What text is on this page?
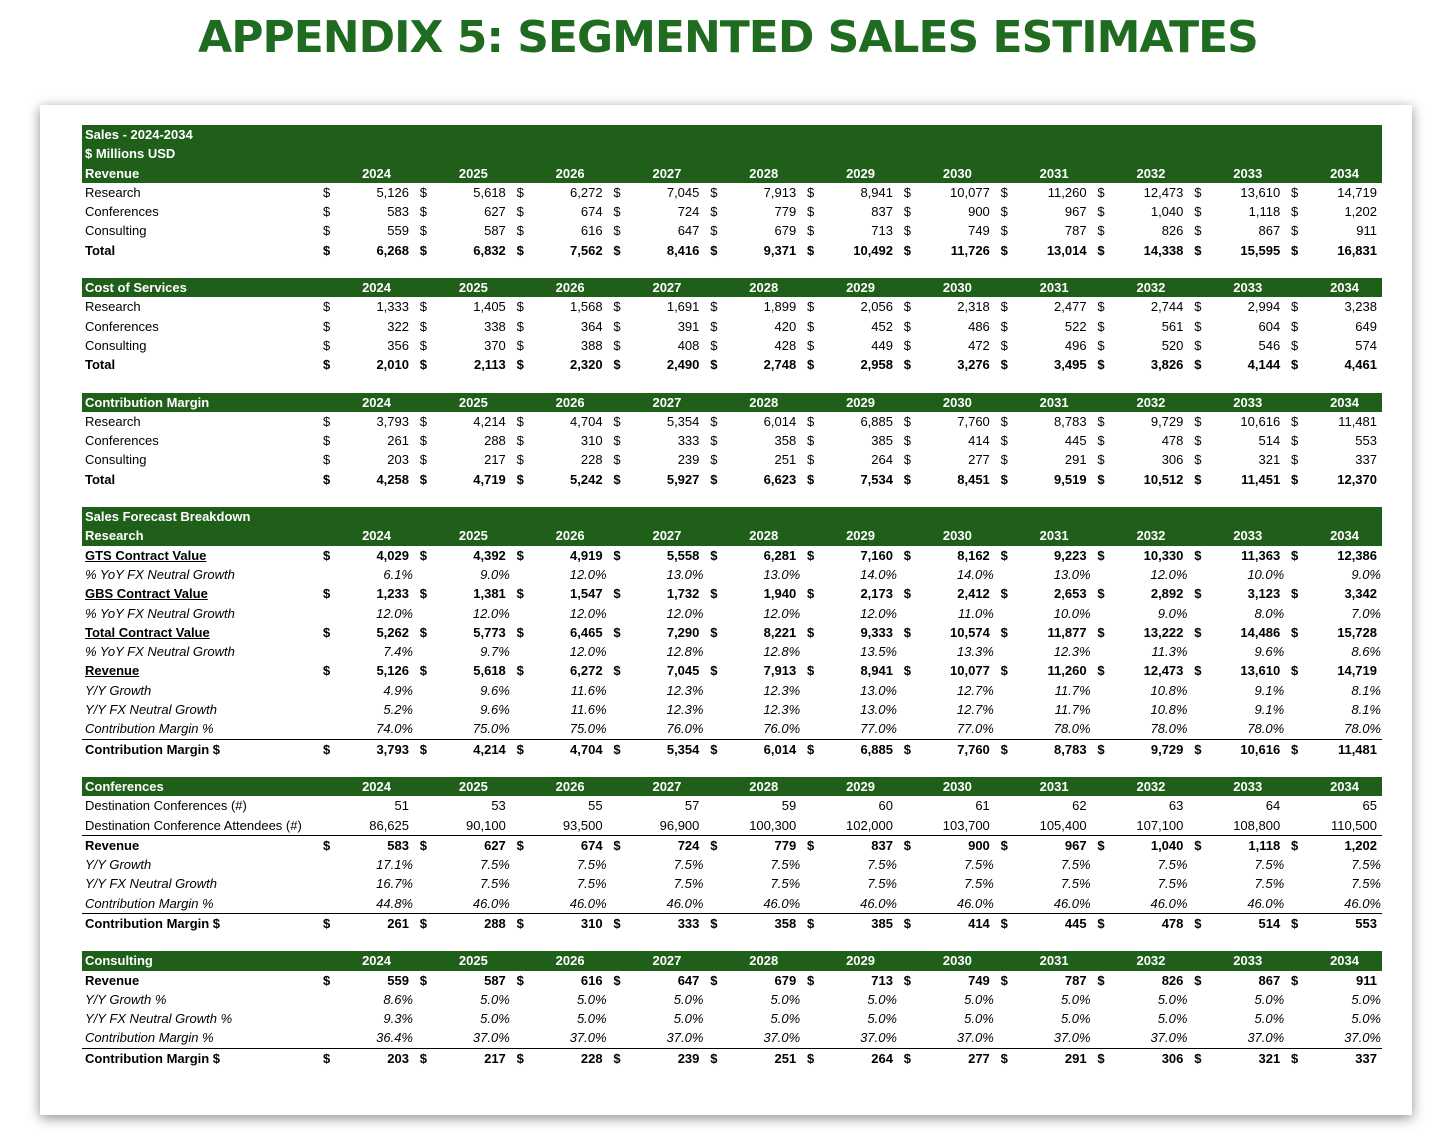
APPENDIX 5: SEGMENTED SALES ESTIMATES
Sales - 2024-2034
$ Millions USD
Revenue	2024	2025	2026	2027	2028	2029	2030	2031	2032	2033	2034
Research	$	5,126 $	5,618 $	6,272 $	7,045 $	7,913 $	8,941 $	10,077 $	11,260 $	12,473 $	13,610 $	14,719
Conferences	$	583 $	627 $	674 $	724 $	779 $	837 $	900 $	967 $	1,040 $	1,118 $	1,202
Consulting	$	559 $	587 $	616 $	647 $	679 $	713 $	749 $	787 $	826 $	867 $	911
Total	$	6,268 $	6,832 $	7,562 $	8,416 $	9,371 $	10,492 $	11,726 $	13,014 $	14,338 $	15,595 $	16,831
Cost of Services	2024	2025	2026	2027	2028	2029	2030	2031	2032	2033	2034
Research	$	1,333 $	1,405 $	1,568 $	1,691 $	1,899 $	2,056 $	2,318 $	2,477 $	2,744 $	2,994 $	3,238
Conferences	$	322 $	338 $	364 $	391 $	420 $	452 $	486 $	522 $	561 $	604 $	649
Consulting	$	356 $	370 $	388 $	408 $	428 $	449 $	472 $	496 $	520 $	546 $	574
Total	$	2,010 $	2,113 $	2,320 $	2,490 $	2,748 $	2,958 $	3,276 $	3,495 $	3,826 $	4,144 $	4,461
Contribution Margin	2024	2025	2026	2027	2028	2029	2030	2031	2032	2033	2034
Research	$	3,793 $	4,214 $	4,704 $	5,354 $	6,014 $	6,885 $	7,760 $	8,783 $	9,729 $	10,616 $	11,481
Conferences	$	261 $	288 $	310 $	333 $	358 $	385 $	414 $	445 $	478 $	514 $	553
Consulting	$	203 $	217 $	228 $	239 $	251 $	264 $	277 $	291 $	306 $	321 $	337
Total	$	4,258 $	4,719 $	5,242 $	5,927 $	6,623 $	7,534 $	8,451 $	9,519 $	10,512 $	11,451 $	12,370
Sales Forecast Breakdown
Research	2024	2025	2026	2027	2028	2029	2030	2031	2032	2033	2034
GTS Contract Value	$	4,029 $	4,392 $	4,919 $	5,558 $	6,281 $	7,160 $	8,162 $	9,223 $	10,330 $	11,363 $	12,386
% YoY FX Neutral Growth	6.1%	9.0%	12.0%	13.0%	13.0%	14.0%	14.0%	13.0%	12.0%	10.0%	9.0%
GBS Contract Value	$	1,233 $	1,381 $	1,547 $	1,732 $	1,940 $	2,173 $	2,412 $	2,653 $	2,892 $	3,123 $	3,342
% YoY FX Neutral Growth	12.0%	12.0%	12.0%	12.0%	12.0%	12.0%	11.0%	10.0%	9.0%	8.0%	7.0%
Total Contract Value	$	5,262 $	5,773 $	6,465 $	7,290 $	8,221 $	9,333 $	10,574 $	11,877 $	13,222 $	14,486 $	15,728
% YoY FX Neutral Growth	7.4%	9.7%	12.0%	12.8%	12.8%	13.5%	13.3%	12.3%	11.3%	9.6%	8.6%
Revenue	$	5,126 $	5,618 $	6,272 $	7,045 $	7,913 $	8,941 $	10,077 $	11,260 $	12,473 $	13,610 $	14,719
Y/Y Growth	4.9%	9.6%	11.6%	12.3%	12.3%	13.0%	12.7%	11.7%	10.8%	9.1%	8.1%
Y/Y FX Neutral Growth	5.2%	9.6%	11.6%	12.3%	12.3%	13.0%	12.7%	11.7%	10.8%	9.1%	8.1%
Contribution Margin %	74.0%	75.0%	75.0%	76.0%	76.0%	77.0%	77.0%	78.0%	78.0%	78.0%	78.0%
Contribution Margin $	$	3,793 $	4,214 $	4,704 $	5,354 $	6,014 $	6,885 $	7,760 $	8,783 $	9,729 $	10,616 $	11,481
Conferences	2024	2025	2026	2027	2028	2029	2030	2031	2032	2033	2034
Destination Conferences (#)	51	53	55	57	59	60	61	62	63	64	65
Destination Conference Attendees (#)	86,625	90,100	93,500	96,900	100,300	102,000	103,700	105,400	107,100	108,800	110,500
Revenue	$	583 $	627 $	674 $	724 $	779 $	837 $	900 $	967 $	1,040 $	1,118 $	1,202
Y/Y Growth	17.1%	7.5%	7.5%	7.5%	7.5%	7.5%	7.5%	7.5%	7.5%	7.5%	7.5%
Y/Y FX Neutral Growth	16.7%	7.5%	7.5%	7.5%	7.5%	7.5%	7.5%	7.5%	7.5%	7.5%	7.5%
Contribution Margin %	44.8%	46.0%	46.0%	46.0%	46.0%	46.0%	46.0%	46.0%	46.0%	46.0%	46.0%
Contribution Margin $	$	261 $	288 $	310 $	333 $	358 $	385 $	414 $	445 $	478 $	514 $	553
Consulting	2024	2025	2026	2027	2028	2029	2030	2031	2032	2033	2034
Revenue	$	559 $	587 $	616 $	647 $	679 $	713 $	749 $	787 $	826 $	867 $	911
Y/Y Growth %	8.6%	5.0%	5.0%	5.0%	5.0%	5.0%	5.0%	5.0%	5.0%	5.0%	5.0%
Y/Y FX Neutral Growth %	9.3%	5.0%	5.0%	5.0%	5.0%	5.0%	5.0%	5.0%	5.0%	5.0%	5.0%
Contribution Margin %	36.4%	37.0%	37.0%	37.0%	37.0%	37.0%	37.0%	37.0%	37.0%	37.0%	37.0%
Contribution Margin $	$	203 $	217 $	228 $	239 $	251 $	264 $	277 $	291 $	306 $	321 $	337
